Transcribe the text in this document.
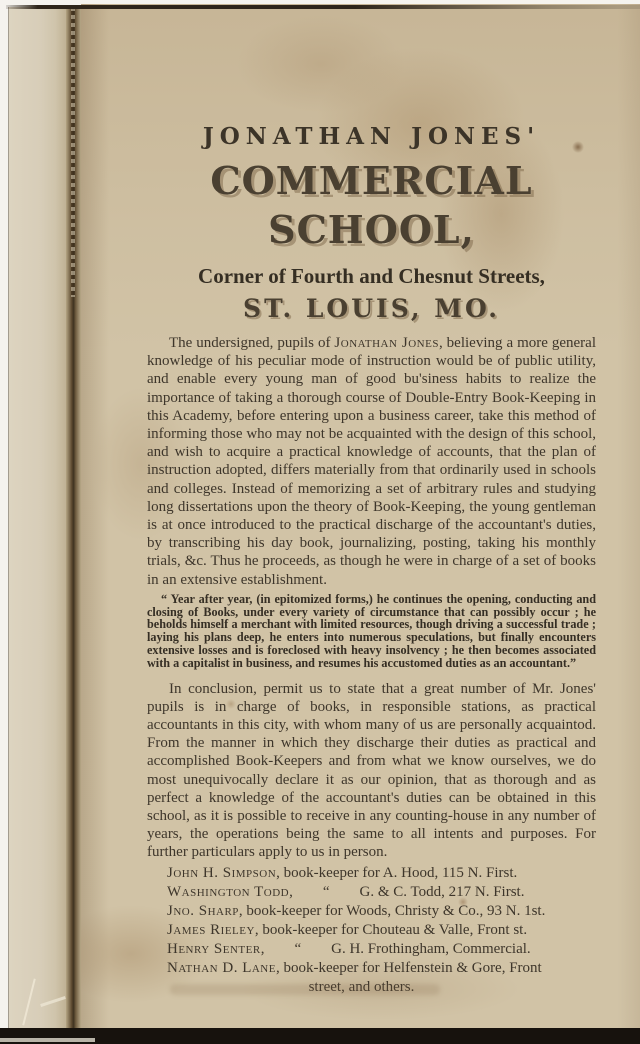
JONATHAN JONES'
COMMERCIAL SCHOOL,
Corner of Fourth and Chesnut Streets,
ST. LOUIS, MO.

The undersigned, pupils of Jonathan Jones, believing a more general knowledge of his peculiar mode of instruction would be of public utility, and enable every young man of good bu'siness habits to realize the importance of taking a thorough course of Double-Entry Book-Keeping in this Academy, before entering upon a business career, take this method of informing those who may not be acquainted with the design of this school, and wish to acquire a practical knowledge of accounts, that the plan of instruction adopted, differs materially from that ordinarily used in schools and colleges. Instead of memorizing a set of arbitrary rules and studying long dissertations upon the theory of Book-Keeping, the young gentleman is at once introduced to the practical discharge of the accountant's duties, by transcribing his day book, journalizing, posting, taking his monthly trials, &c. Thus he proceeds, as though he were in charge of a set of books in an extensive establishment.

“ Year after year, (in epitomized forms,) he continues the opening, conducting and closing of Books, under every variety of circumstance that can possibly occur ; he beholds himself a merchant with limited resources, though driving a successful trade ; laying his plans deep, he enters into numerous speculations, but finally encounters extensive losses and is foreclosed with heavy insolvency ; he then becomes associated with a capitalist in business, and resumes his accustomed duties as an accountant.”

In conclusion, permit us to state that a great number of Mr. Jones' pupils is in charge of books, in responsible stations, as practical accountants in this city, with whom many of us are personally acquaintod. From the manner in which they discharge their duties as practical and accomplished Book-Keepers and from what we know ourselves, we do most unequivocally declare it as our opinion, that as thorough and as perfect a knowledge of the accountant's duties can be obtained in this school, as it is possible to receive in any counting-house in any number of years, the operations being the same to all intents and purposes. For further particulars apply to us in person.

John H. Simpson, book-keeper for A. Hood, 115 N. First.
Washington Todd,  “  G. & C. Todd, 217 N. First.
Jno. Sharp, book-keeper for Woods, Christy & Co., 93 N. 1st.
James Rieley, book-keeper for Chouteau & Valle, Front st.
Henry Senter,  “  G. H. Frothingham, Commercial.
Nathan D. Lane, book-keeper for Helfenstein & Gore, Front
street, and others.
